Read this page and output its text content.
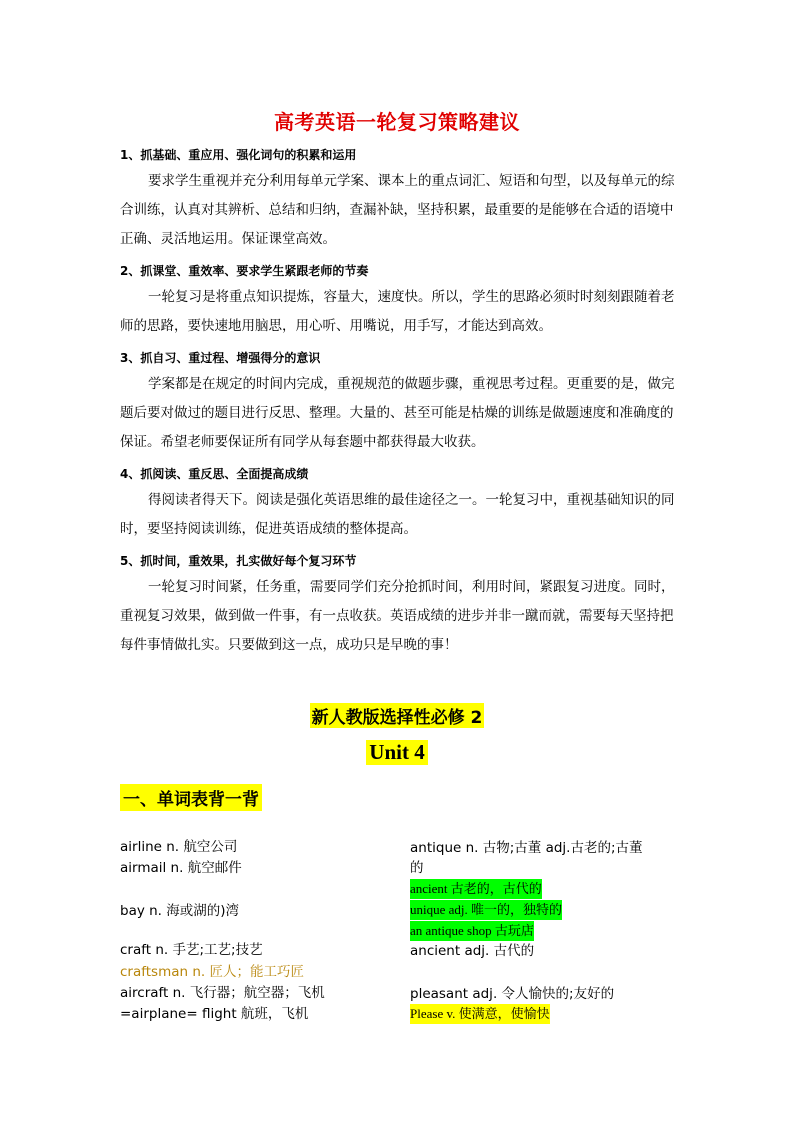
高考英语一轮复习策略建议
1、抓基础、重应用、强化词句的积累和运用
要求学生重视并充分利用每单元学案、课本上的重点词汇、短语和句型，以及每单元的综合训练，认真对其辨析、总结和归纳，查漏补缺，坚持积累，最重要的是能够在合适的语境中正确、灵活地运用。保证课堂高效。
2、抓课堂、重效率、要求学生紧跟老师的节奏
一轮复习是将重点知识提炼，容量大，速度快。所以，学生的思路必须时时刻刻跟随着老师的思路，要快速地用脑思，用心听、用嘴说，用手写，才能达到高效。
3、抓自习、重过程、增强得分的意识
学案都是在规定的时间内完成，重视规范的做题步骤，重视思考过程。更重要的是，做完题后要对做过的题目进行反思、整理。大量的、甚至可能是枯燥的训练是做题速度和准确度的保证。希望老师要保证所有同学从每套题中都获得最大收获。
4、抓阅读、重反思、全面提高成绩
得阅读者得天下。阅读是强化英语思维的最佳途径之一。一轮复习中，重视基础知识的同时，要坚持阅读训练，促进英语成绩的整体提高。
5、抓时间，重效果，扎实做好每个复习环节
一轮复习时间紧，任务重，需要同学们充分抢抓时间，利用时间，紧跟复习进度。同时，重视复习效果，做到做一件事，有一点收获。英语成绩的进步并非一蹴而就，需要每天坚持把每件事情做扎实。只要做到这一点，成功只是早晚的事！
新人教版选择性必修 2
Unit 4
一、单词表背一背
airline n. 航空公司
airmail n. 航空邮件
bay n. 海或湖的)湾
craft n. 手艺;工艺;技艺
craftsman n. 匠人；能工巧匠
aircraft n. 飞行器；航空器；飞机
=airplane= flight 航班，飞机
antique n. 古物;古董 adj.古老的;古董
的
ancient 古老的，古代的
unique adj. 唯一的，独特的
an antique shop 古玩店
ancient adj. 古代的
pleasant adj. 令人愉快的;友好的
Please v. 使满意，使愉快
